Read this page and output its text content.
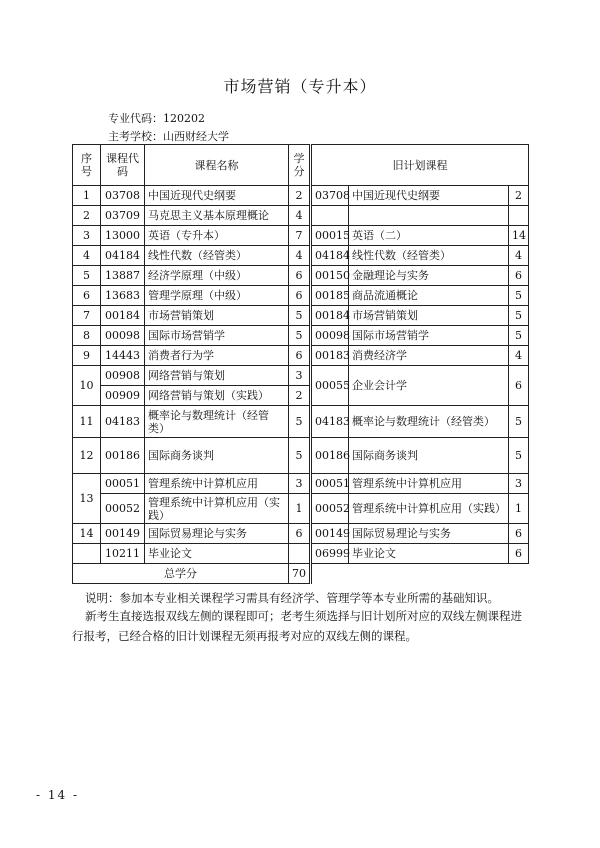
市场营销（专升本）
专业代码：120202
主考学校：山西财经大学
序号	课程代码	课程名称	学分	旧计划课程		
1	03708	中国近现代史纲要	2	03708	中国近现代史纲要	2
2	03709	马克思主义基本原理概论	4			
3	13000	英语（专升本）	7	00015	英语（二）	14
4	04184	线性代数（经管类）	4	04184	线性代数（经管类）	4
5	13887	经济学原理（中级）	6	00150	金融理论与实务	6
6	13683	管理学原理（中级）	6	00185	商品流通概论	5
7	00184	市场营销策划	5	00184	市场营销策划	5
8	00098	国际市场营销学	5	00098	国际市场营销学	5
9	14443	消费者行为学	6	00183	消费经济学	4
10	00908	网络营销与策划	3	00055	企业会计学	6
	00909	网络营销与策划（实践）	2			
11	04183	概率论与数理统计（经管类）	5	04183	概率论与数理统计（经管类）	5
12	00186	国际商务谈判	5	00186	国际商务谈判	5
13	00051	管理系统中计算机应用	3	00051	管理系统中计算机应用	3
	00052	管理系统中计算机应用（实践）	1	00052	管理系统中计算机应用（实践）	1
14	00149	国际贸易理论与实务	6	00149	国际贸易理论与实务	6
	10211	毕业论文		06999	毕业论文	6
总学分			70			
说明：参加本专业相关课程学习需具有经济学、管理学等本专业所需的基础知识。
新考生直接选报双线左侧的课程即可；老考生须选择与旧计划所对应的双线左侧课程进行报考，已经合格的旧计划课程无须再报考对应的双线左侧的课程。
- 14 -
